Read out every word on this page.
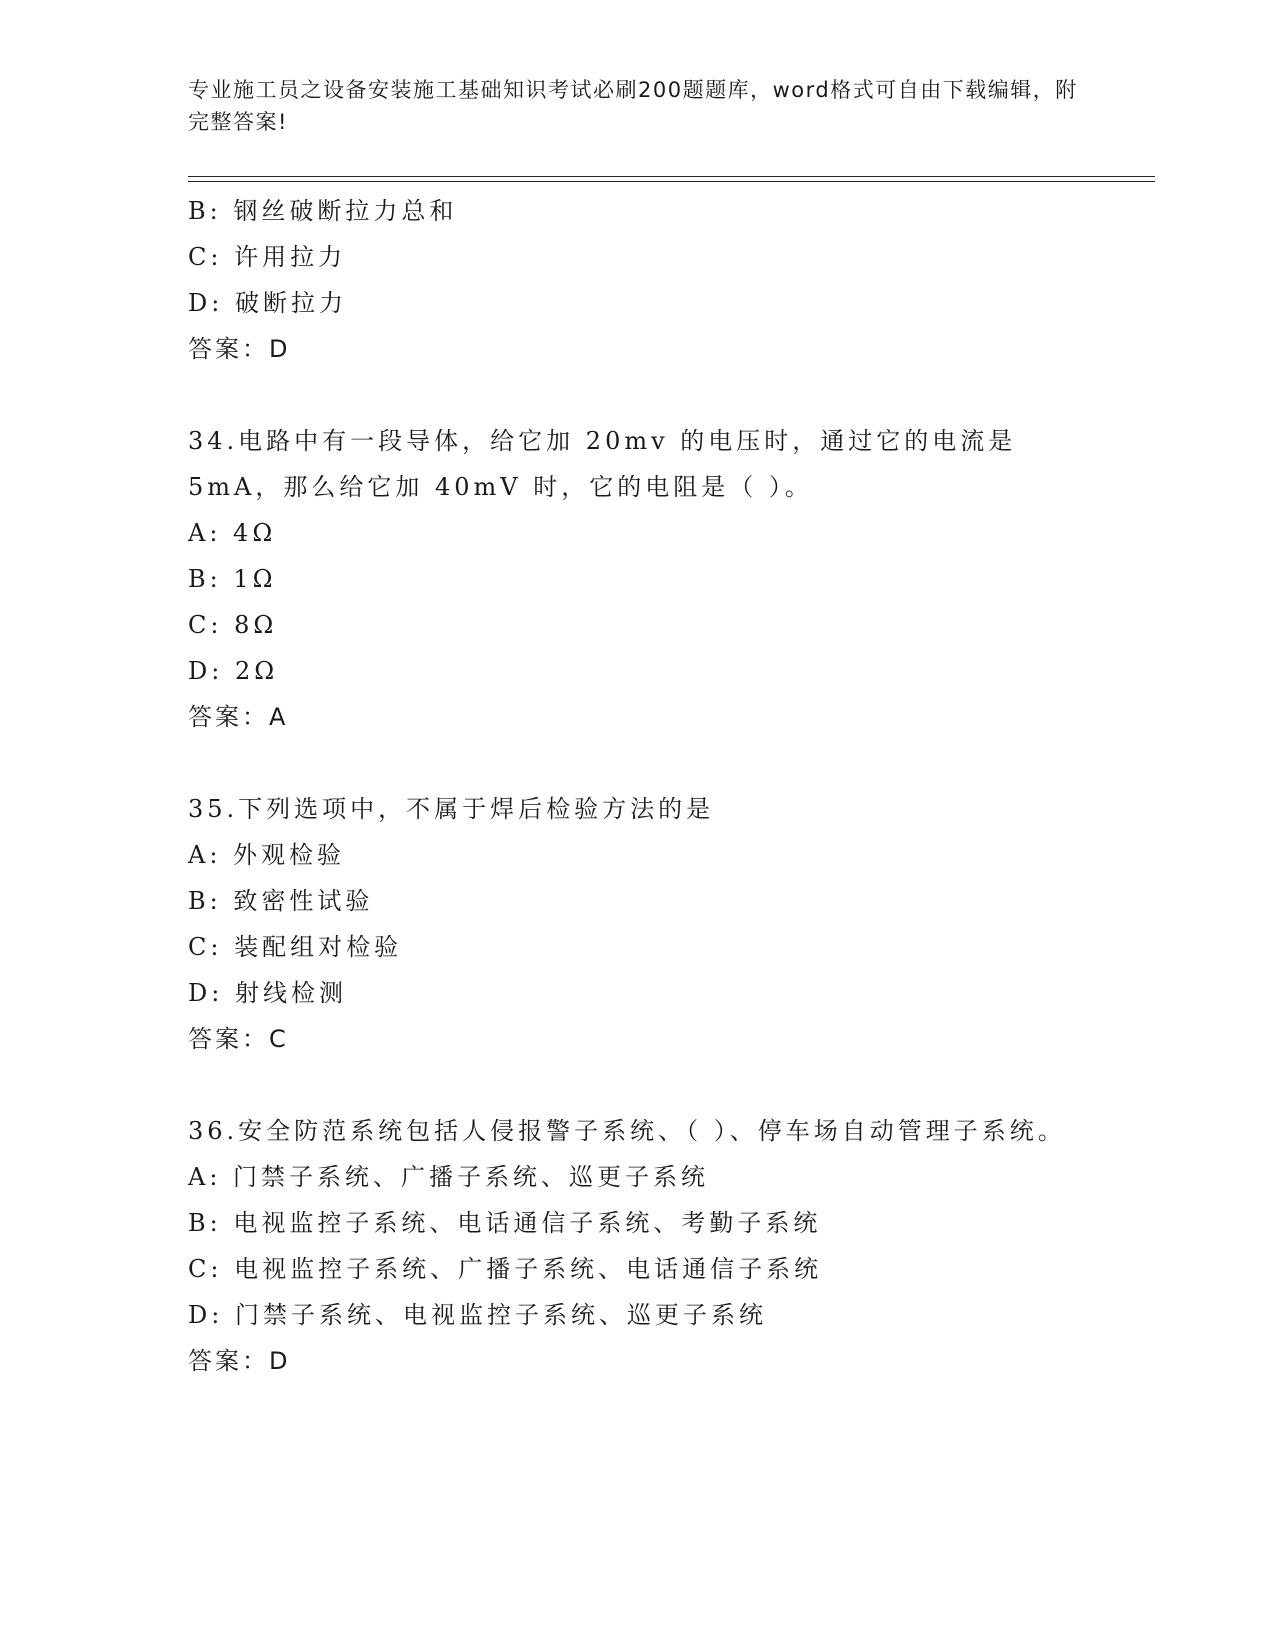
专业施工员之设备安装施工基础知识考试必刷200题题库，word格式可自由下载编辑，附完整答案!
B: 钢丝破断拉力总和
C: 许用拉力
D: 破断拉力
答案：D
34.电路中有一段导体，给它加 20mv 的电压时，通过它的电流是 5mA，那么给它加 40mV 时，它的电阻是（ ）。
A: 4Ω
B: 1Ω
C: 8Ω
D: 2Ω
答案：A
35.下列选项中，不属于焊后检验方法的是
A: 外观检验
B: 致密性试验
C: 装配组对检验
D: 射线检测
答案：C
36.安全防范系统包括人侵报警子系统、（ ）、停车场自动管理子系统。
A: 门禁子系统、广播子系统、巡更子系统
B: 电视监控子系统、电话通信子系统、考勤子系统
C: 电视监控子系统、广播子系统、电话通信子系统
D: 门禁子系统、电视监控子系统、巡更子系统
答案：D
